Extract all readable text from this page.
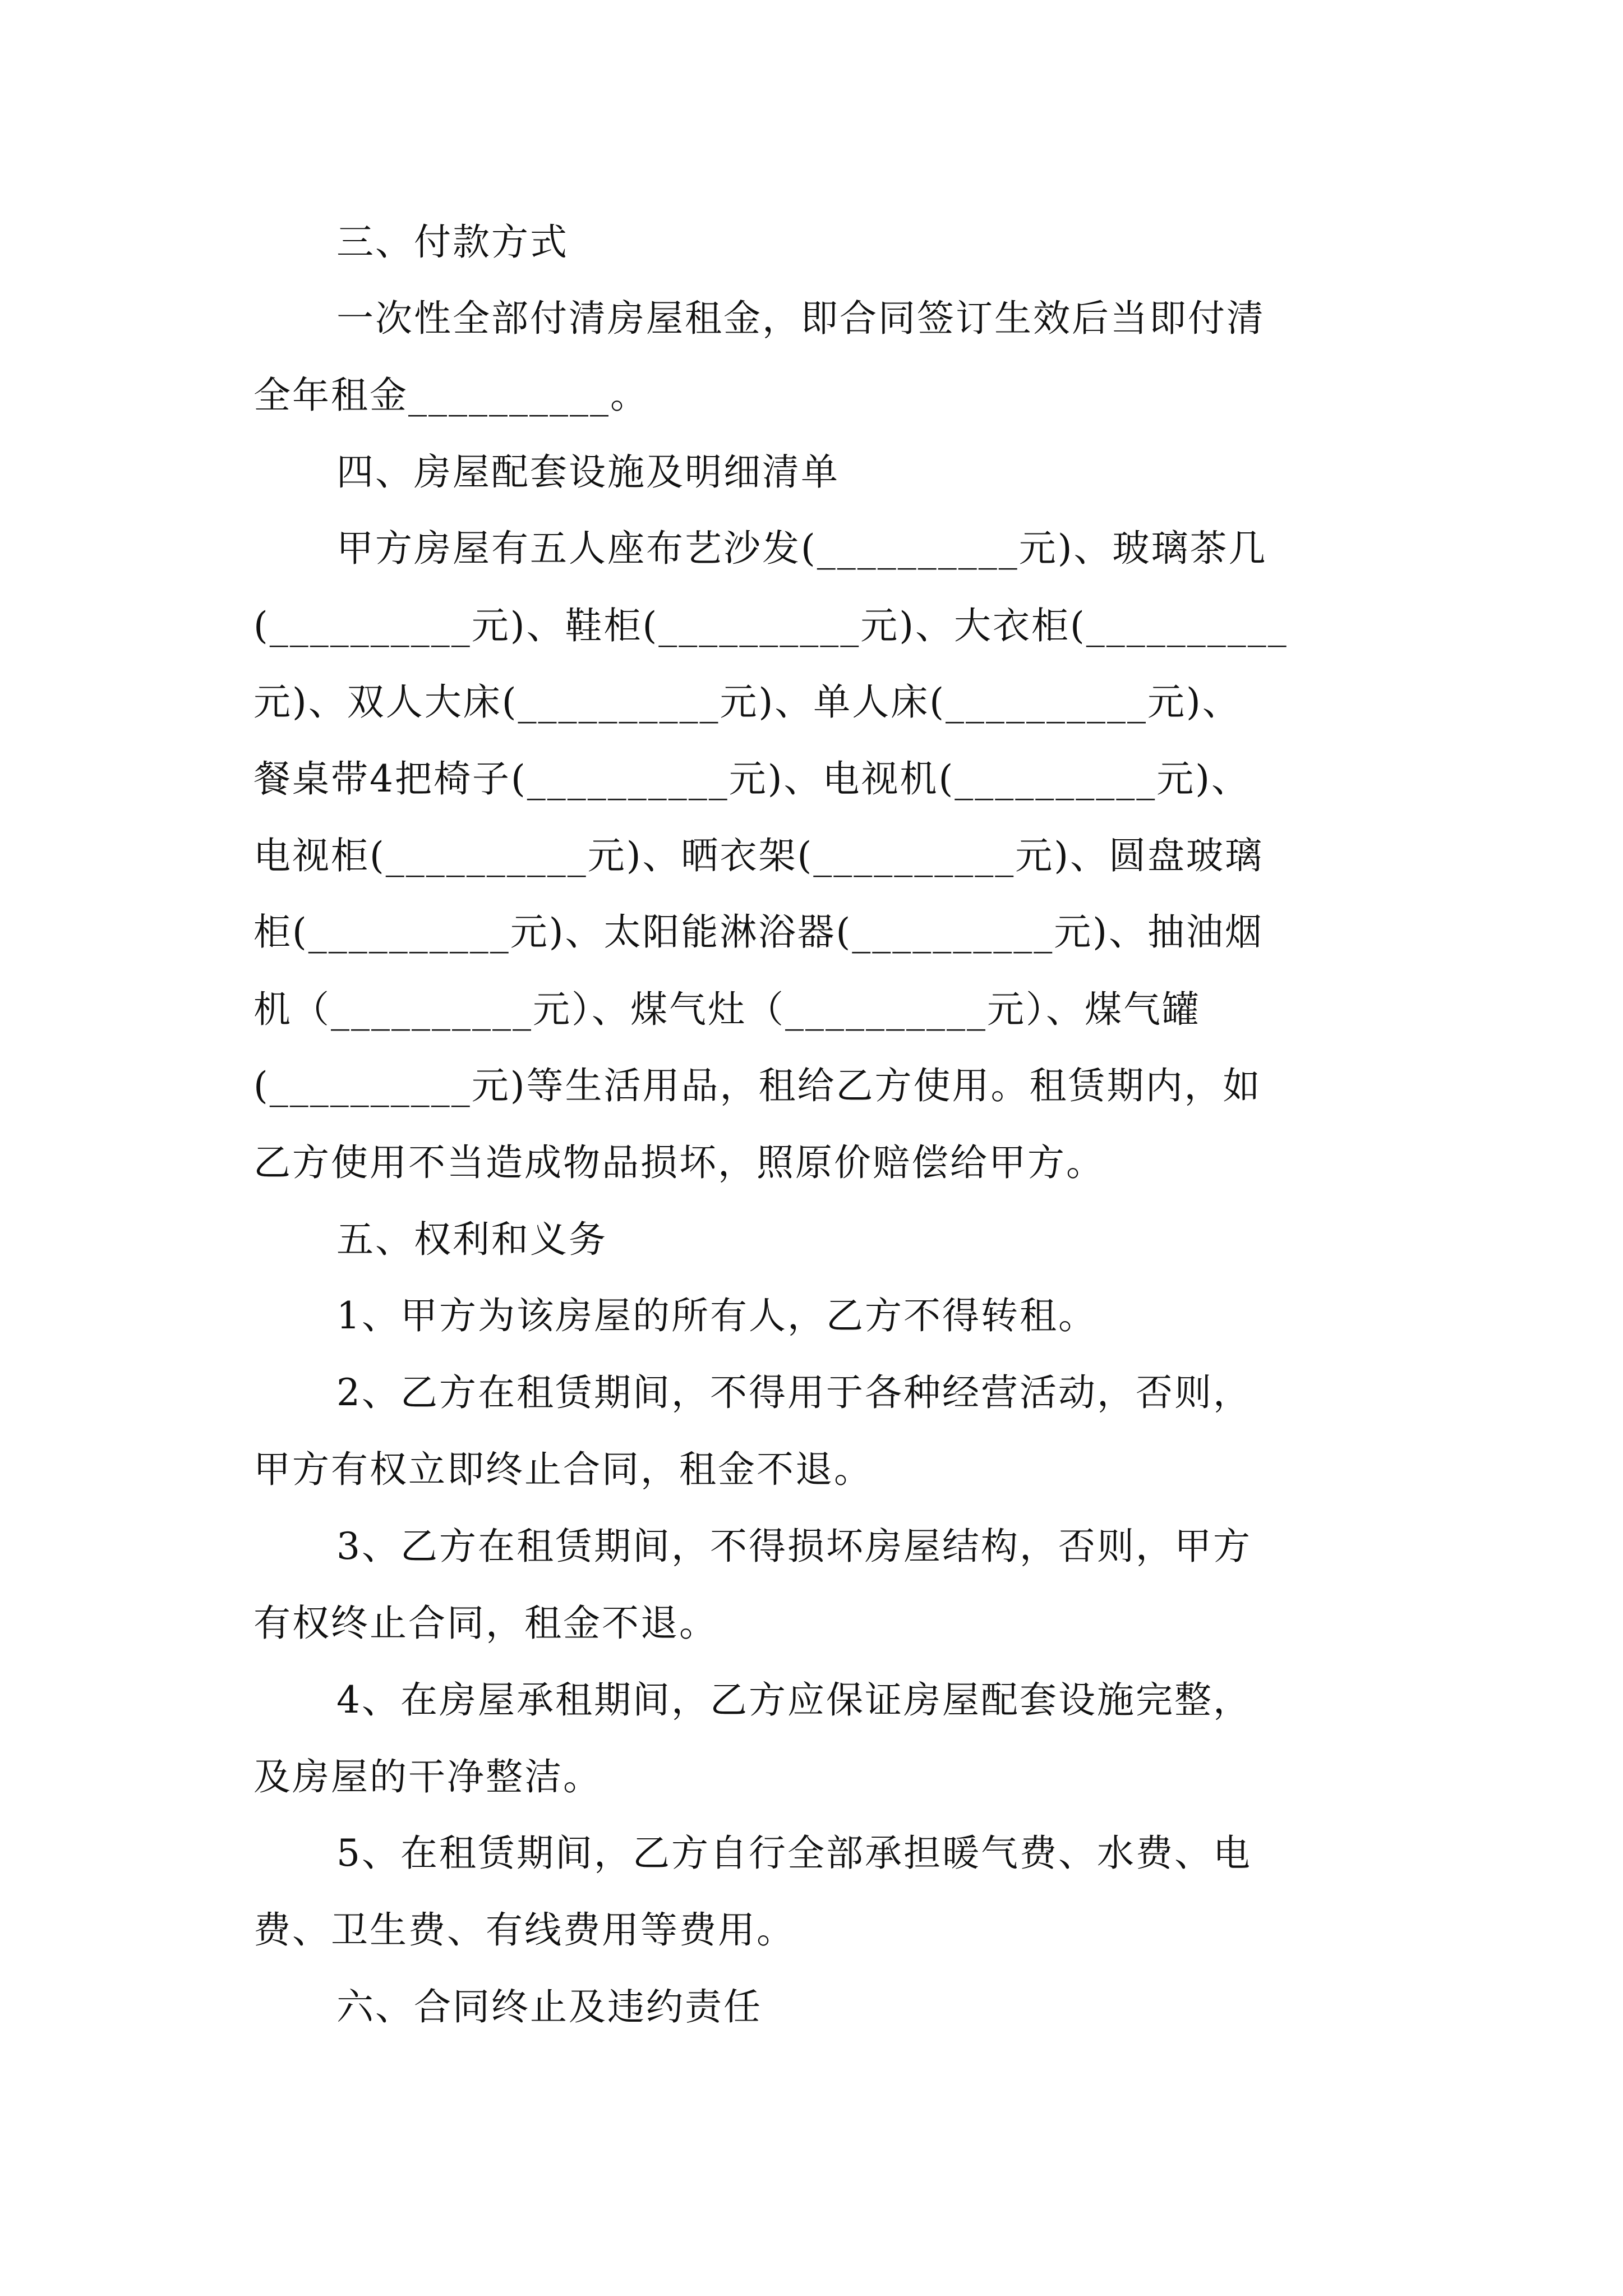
三、付款方式
一次性全部付清房屋租金，即合同签订生效后当即付清
全年租金__________。
四、房屋配套设施及明细清单
甲方房屋有五人座布艺沙发(__________元)、玻璃茶几
(__________元)、鞋柜(__________元)、大衣柜(__________
元)、双人大床(__________元)、单人床(__________元)、
餐桌带4把椅子(__________元)、电视机(__________元)、
电视柜(__________元)、晒衣架(__________元)、圆盘玻璃
柜(__________元)、太阳能淋浴器(__________元)、抽油烟
机（__________元）、煤气灶（__________元）、煤气罐
(__________元)等生活用品，租给乙方使用。租赁期内，如
乙方使用不当造成物品损坏，照原价赔偿给甲方。
五、权利和义务
1、甲方为该房屋的所有人，乙方不得转租。
2、乙方在租赁期间，不得用于各种经营活动，否则，
甲方有权立即终止合同，租金不退。
3、乙方在租赁期间，不得损坏房屋结构，否则，甲方
有权终止合同，租金不退。
4、在房屋承租期间，乙方应保证房屋配套设施完整，
及房屋的干净整洁。
5、在租赁期间，乙方自行全部承担暖气费、水费、电
费、卫生费、有线费用等费用。
六、合同终止及违约责任
